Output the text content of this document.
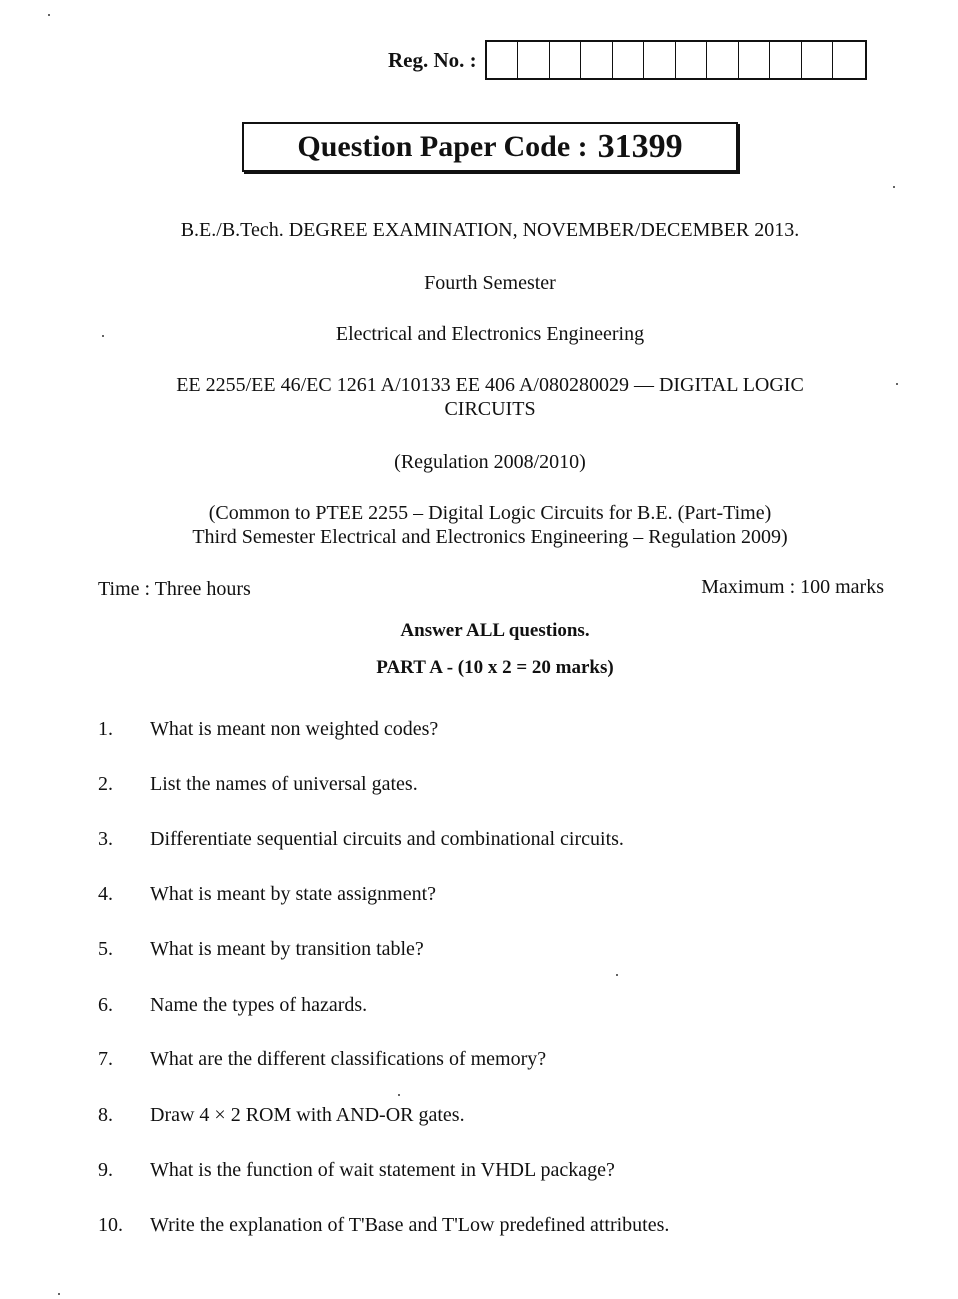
Reg. No. :
Question Paper Code : 31399
B.E./B.Tech. DEGREE EXAMINATION, NOVEMBER/DECEMBER 2013.
Fourth Semester
Electrical and Electronics Engineering
EE 2255/EE 46/EC 1261 A/10133 EE 406 A/080280029 — DIGITAL LOGIC
CIRCUITS
(Regulation 2008/2010)
(Common to PTEE 2255 – Digital Logic Circuits for B.E. (Part-Time)
Third Semester Electrical and Electronics Engineering – Regulation 2009)
Time : Three hours	Maximum : 100 marks
Answer ALL questions.
PART A - (10 x 2 = 20 marks)
1. What is meant non weighted codes?
2. List the names of universal gates.
3. Differentiate sequential circuits and combinational circuits.
4. What is meant by state assignment?
5. What is meant by transition table?
6. Name the types of hazards.
7. What are the different classifications of memory?
8. Draw 4 × 2 ROM with AND-OR gates.
9. What is the function of wait statement in VHDL package?
10. Write the explanation of T'Base and T'Low predefined attributes.
